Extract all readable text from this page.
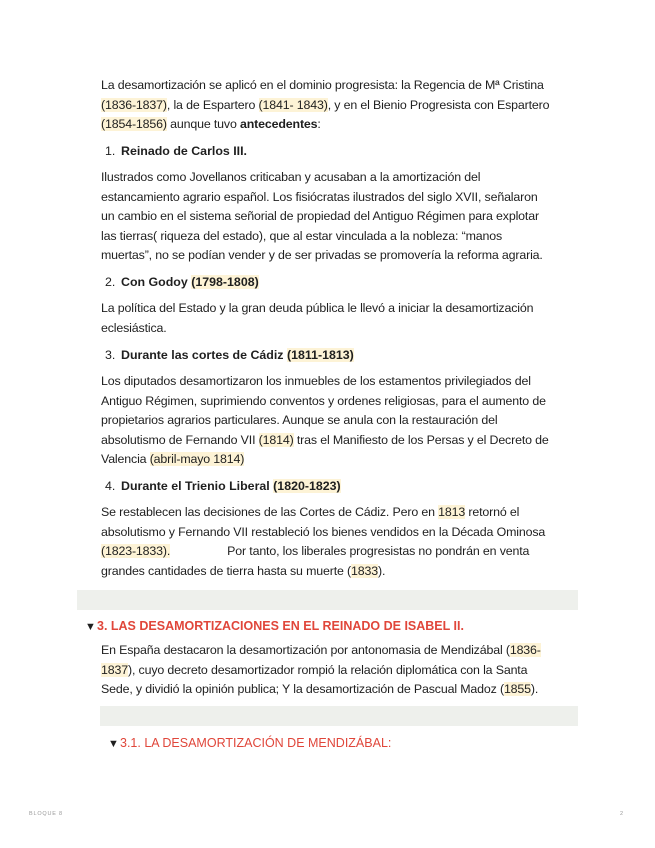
La desamortización se aplicó en el dominio progresista: la Regencia de Mª Cristina
(1836-1837), la de Espartero (1841- 1843), y en el Bienio Progresista con Espartero
(1854-1856) aunque tuvo antecedentes:
1. Reinado de Carlos III.
Ilustrados como Jovellanos criticaban y acusaban a la amortización del
estancamiento agrario español. Los fisiócratas ilustrados del siglo XVII, señalaron
un cambio en el sistema señorial de propiedad del Antiguo Régimen para explotar
las tierras( riqueza del estado), que al estar vinculada a la nobleza: “manos
muertas”, no se podían vender y de ser privadas se promovería la reforma agraria.
2. Con Godoy (1798-1808)
La política del Estado y la gran deuda pública le llevó a iniciar la desamortización
eclesiástica.
3. Durante las cortes de Cádiz (1811-1813)
Los diputados desamortizaron los inmuebles de los estamentos privilegiados del
Antiguo Régimen, suprimiendo conventos y ordenes religiosas, para el aumento de
propietarios agrarios particulares. Aunque se anula con la restauración del
absolutismo de Fernando VII (1814) tras el Manifiesto de los Persas y el Decreto de
Valencia (abril-mayo 1814)
4. Durante el Trienio Liberal (1820-1823)
Se restablecen las decisiones de las Cortes de Cádiz. Pero en 1813 retornó el
absolutismo y Fernando VII restableció los bienes vendidos en la Década Ominosa
(1823-1833).	Por tanto, los liberales progresistas no pondrán en venta
grandes cantidades de tierra hasta su muerte (1833).
▼3. LAS DESAMORTIZACIONES EN EL REINADO DE ISABEL II.
En España destacaron la desamortización por antonomasia de Mendizábal (1836-
1837), cuyo decreto desamortizador rompió la relación diplomática con la Santa
Sede, y dividió la opinión publica; Y la desamortización de Pascual Madoz (1855).
▼3.1. LA DESAMORTIZACIÓN DE MENDIZÁBAL:
BLOQUE 8	2
